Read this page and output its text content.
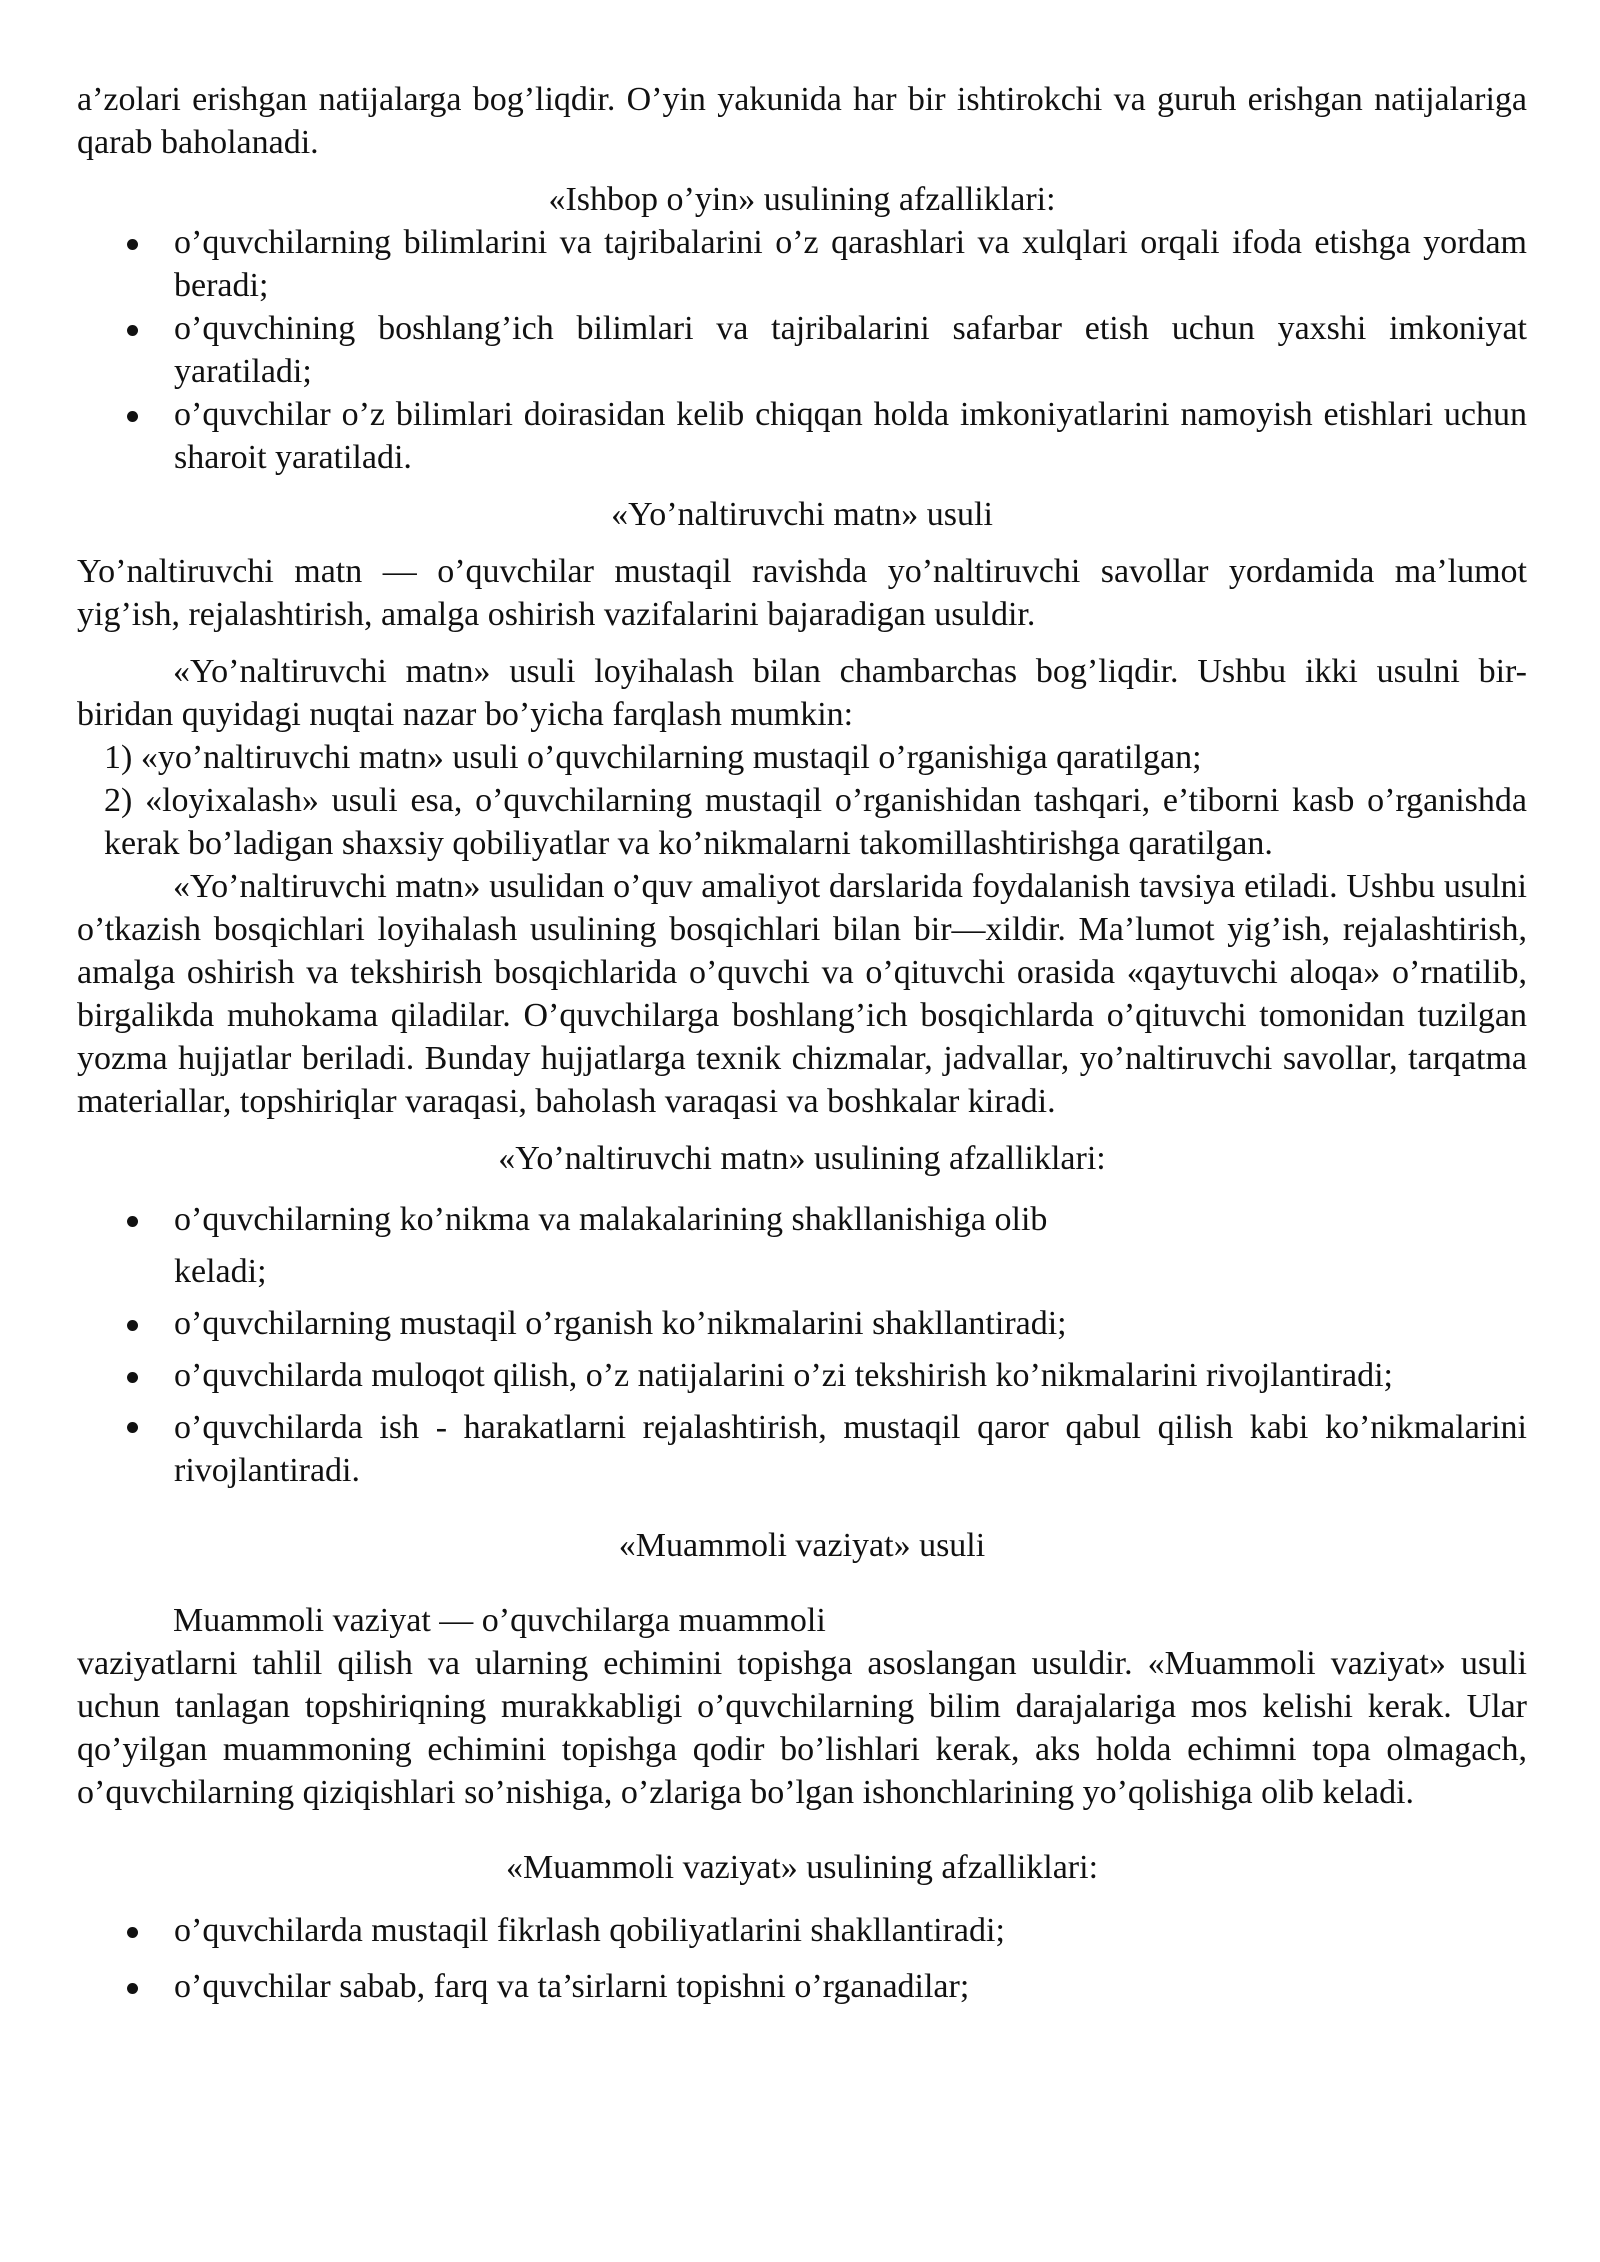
a’zolari erishgan natijalarga bog’liqdir. O’yin yakunida har bir ishtirokchi va guruh erishgan natijalariga qarab baholanadi.

«Ishbop o’yin» usulining afzalliklari:

o’quvchilarning bilimlarini va tajribalarini o’z qarashlari va xulqlari orqali ifoda etishga yordam beradi;
o’quvchining boshlang’ich bilimlari va tajribalarini safarbar etish uchun yaxshi imkoniyat yaratiladi;
o’quvchilar o’z bilimlari doirasidan kelib chiqqan holda imkoniyatlarini namoyish etishlari uchun sharoit yaratiladi.

«Yo’naltiruvchi matn» usuli

Yo’naltiruvchi matn — o’quvchilar mustaqil ravishda yo’naltiruvchi savollar yordamida ma’lumot yig’ish, rejalashtirish, amalga oshirish vazifalarini bajaradigan usuldir.

«Yo’naltiruvchi matn» usuli loyihalash bilan chambarchas bog’liqdir. Ushbu ikki usulni bir- biridan quyidagi nuqtai nazar bo’yicha farqlash mumkin:

1) «yo’naltiruvchi matn» usuli o’quvchilarning mustaqil o’rganishiga qaratilgan;
2) «loyixalash» usuli esa, o’quvchilarning mustaqil o’rganishidan tashqari, e’tiborni kasb o’rganishda kerak bo’ladigan shaxsiy qobiliyatlar va ko’nikmalarni takomillashtirishga qaratilgan.

«Yo’naltiruvchi matn» usulidan o’quv amaliyot darslarida foydalanish tavsiya etiladi. Ushbu usulni o’tkazish bosqichlari loyihalash usulining bosqichlari bilan bir—xildir. Ma’lumot yig’ish, rejalashtirish, amalga oshirish va tekshirish bosqichlarida o’quvchi va o’qituvchi orasida «qaytuvchi aloqa» o’rnatilib, birgalikda muhokama qiladilar. O’quvchilarga boshlang’ich bosqichlarda o’qituvchi tomonidan tuzilgan yozma hujjatlar beriladi. Bunday hujjatlarga texnik chizmalar, jadvallar, yo’naltiruvchi savollar, tarqatma materiallar, topshiriqlar varaqasi, baholash varaqasi va boshkalar kiradi.

«Yo’naltiruvchi matn» usulining afzalliklari:

o’quvchilarning ko’nikma va malakalarining shakllanishiga olib keladi;
o’quvchilarning mustaqil o’rganish ko’nikmalarini shakllantiradi;
o’quvchilarda muloqot qilish, o’z natijalarini o’zi tekshirish ko’nikmalarini rivojlantiradi;
o’quvchilarda ish - harakatlarni rejalashtirish, mustaqil qaror qabul qilish kabi ko’nikmalarini rivojlantiradi.

«Muammoli vaziyat» usuli

Muammoli vaziyat — o’quvchilarga muammoli

vaziyatlarni tahlil qilish va ularning echimini topishga asoslangan usuldir. «Muammoli vaziyat» usuli uchun tanlagan topshiriqning murakkabligi o’quvchilarning bilim darajalariga mos kelishi kerak. Ular qo’yilgan muammoning echimini topishga qodir bo’lishlari kerak, aks holda echimni topa olmagach, o’quvchilarning qiziqishlari so’nishiga, o’zlariga bo’lgan ishonchlarining yo’qolishiga olib keladi.

«Muammoli vaziyat» usulining afzalliklari:

o’quvchilarda mustaqil fikrlash qobiliyatlarini shakllantiradi;
o’quvchilar sabab, farq va ta’sirlarni topishni o’rganadilar;
